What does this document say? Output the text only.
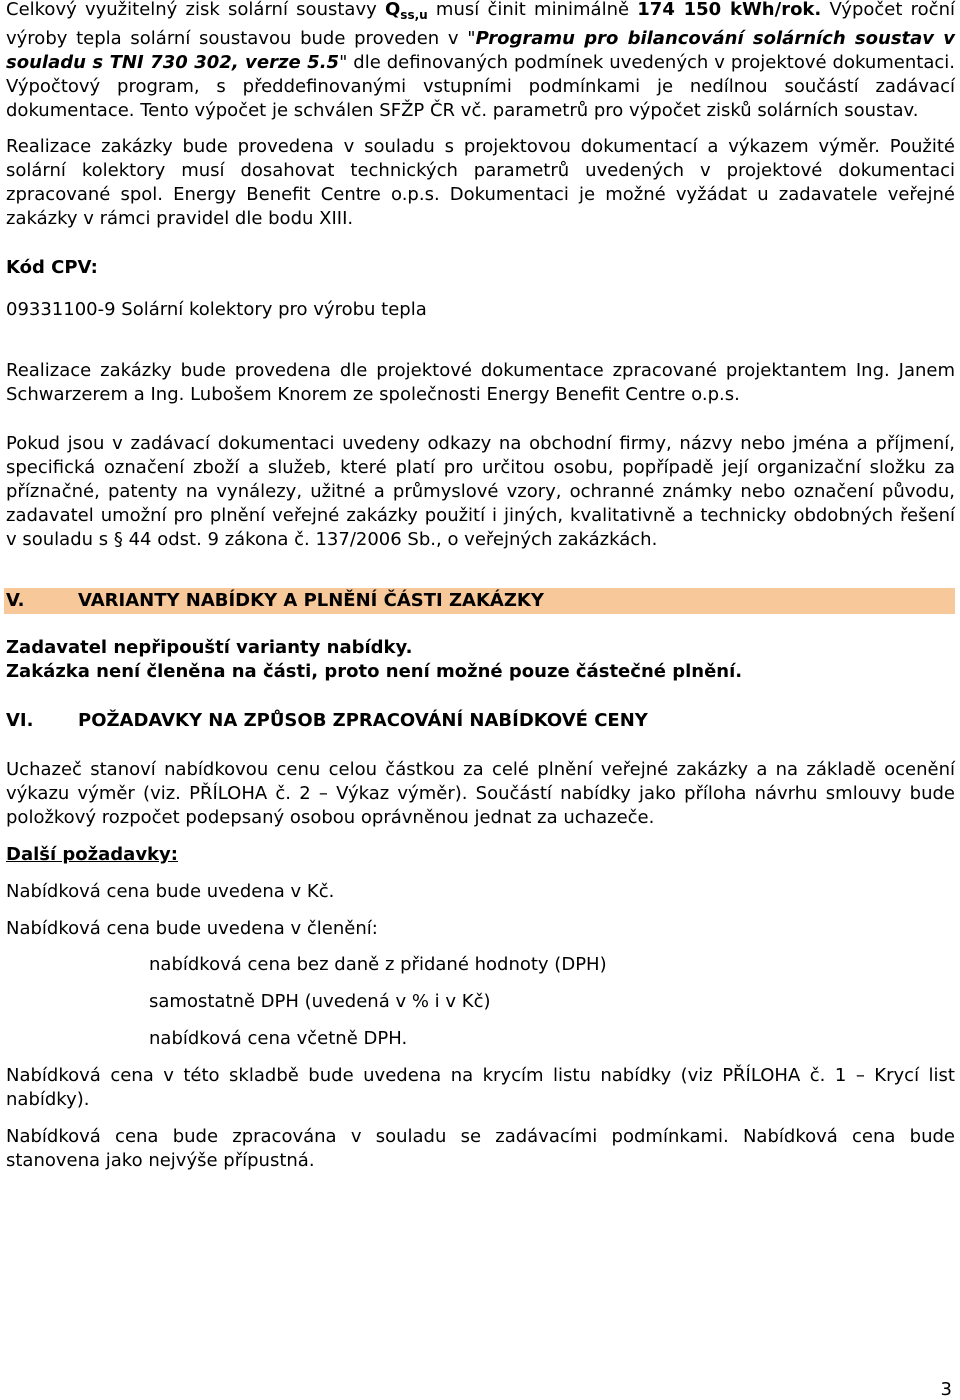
Celkový využitelný zisk solární soustavy $Q_{ss,u}$ musí činit minimálně 174 150 kWh/rok. Výpočet roční výroby tepla solární soustavou bude proveden v "Programu pro bilancování solárních soustav v souladu s TNI 730 302, verze 5.5" dle definovaných podmínek uvedených v projektové dokumentaci. Výpočtový program, s předdefinovanými vstupními podmínkami je nedílnou součástí zadávací dokumentace. Tento výpočet je schválen SFŽP ČR vč. parametrů pro výpočet zisků solárních soustav.

Realizace zakázky bude provedena v souladu s projektovou dokumentací a výkazem výměr. Použité solární kolektory musí dosahovat technických parametrů uvedených v projektové dokumentaci zpracované spol. Energy Benefit Centre o.p.s. Dokumentaci je možné vyžádat u zadavatele veřejné zakázky v rámci pravidel dle bodu XIII.

Kód CPV:

09331100-9 Solární kolektory pro výrobu tepla

Realizace zakázky bude provedena dle projektové dokumentace zpracované projektantem Ing. Janem Schwarzerem a Ing. Lubošem Knorem ze společnosti Energy Benefit Centre o.p.s.

Pokud jsou v zadávací dokumentaci uvedeny odkazy na obchodní firmy, názvy nebo jména a příjmení, specifická označení zboží a služeb, které platí pro určitou osobu, popřípadě její organizační složku za příznačné, patenty na vynálezy, užitné a průmyslové vzory, ochranné známky nebo označení původu, zadavatel umožní pro plnění veřejné zakázky použití i jiných, kvalitativně a technicky obdobných řešení v souladu s § 44 odst. 9 zákona č. 137/2006 Sb., o veřejných zakázkách.

V.	VARIANTY NABÍDKY A PLNĚNÍ ČÁSTI ZAKÁZKY

Zadavatel nepřipouští varianty nabídky.

Zakázka není členěna na části, proto není možné pouze částečné plnění.

VI.	POŽADAVKY NA ZPŮSOB ZPRACOVÁNÍ NABÍDKOVÉ CENY

Uchazeč stanoví nabídkovou cenu celou částkou za celé plnění veřejné zakázky a na základě ocenění výkazu výměr (viz. PŘÍLOHA č. 2 – Výkaz výměr). Součástí nabídky jako příloha návrhu smlouvy bude položkový rozpočet podepsaný osobou oprávněnou jednat za uchazeče.

Další požadavky:

Nabídková cena bude uvedena v Kč.

Nabídková cena bude uvedena v členění:

nabídková cena bez daně z přidané hodnoty (DPH)

samostatně DPH (uvedená v % i v Kč)

nabídková cena včetně DPH.

Nabídková cena v této skladbě bude uvedena na krycím listu nabídky (viz PŘÍLOHA č. 1 – Krycí list nabídky).

Nabídková cena bude zpracována v souladu se zadávacími podmínkami. Nabídková cena bude stanovena jako nejvýše přípustná.

3
